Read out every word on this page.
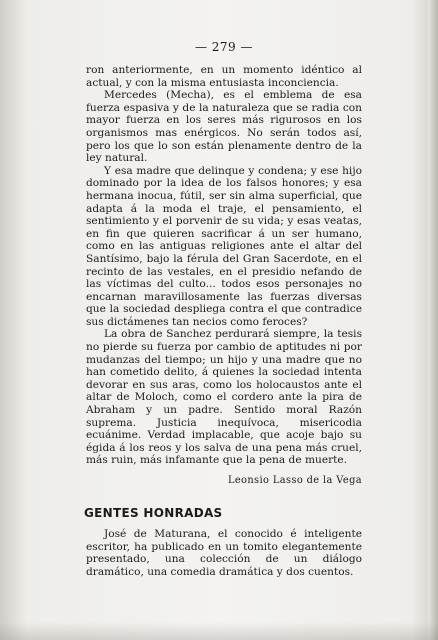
— 279 —

ron anteriormente, en un momento idéntico al actual, y con la misma entusiasta inconciencia.

Mercedes (Mecha), es el emblema de esa fuerza espasiva y de la naturaleza que se radia con mayor fuerza en los seres más rigurosos en los organismos mas enérgicos. No serán todos así, pero los que lo son están plenamente dentro de la ley natural.

Y esa madre que delinque y condena; y ese hijo dominado por la idea de los falsos honores; y esa hermana inocua, fútil, ser sin alma superficial, que adapta á la moda el traje, el pensamiento, el sentimiento y el porvenir de su vida; y esas veatas, en fin que quieren sacrificar á un ser humano, como en las antiguas religiones ante el altar del Santísimo, bajo la férula del Gran Sacerdote, en el recinto de las vestales, en el presidio nefando de las víctimas del culto... todos esos personajes no encarnan maravillosamente las fuerzas diversas que la sociedad despliega contra el que contradice sus dictámenes tan necios como feroces?

La obra de Sanchez perdurará siempre, la tesis no pierde su fuerza por cambio de aptitudes ni por mudanzas del tiempo; un hijo y una madre que no han cometido delito, á quienes la sociedad intenta devorar en sus aras, como los holocaustos ante el altar de Moloch, como el cordero ante la pira de Abraham y un padre. Sentido moral Razón suprema. Justicia inequívoca, misericodia ecuánime. Verdad implacable, que acoje bajo su égida á los reos y los salva de una pena más cruel, más ruin, más infamante que la pena de muerte.

Leonsio Lasso de la Vega
GENTES HONRADAS

José de Maturana, el conocido é inteligente escritor, ha publicado en un tomito elegantemente presentado, una colección de un diálogo dramático, una comedia dramática y dos cuentos.
